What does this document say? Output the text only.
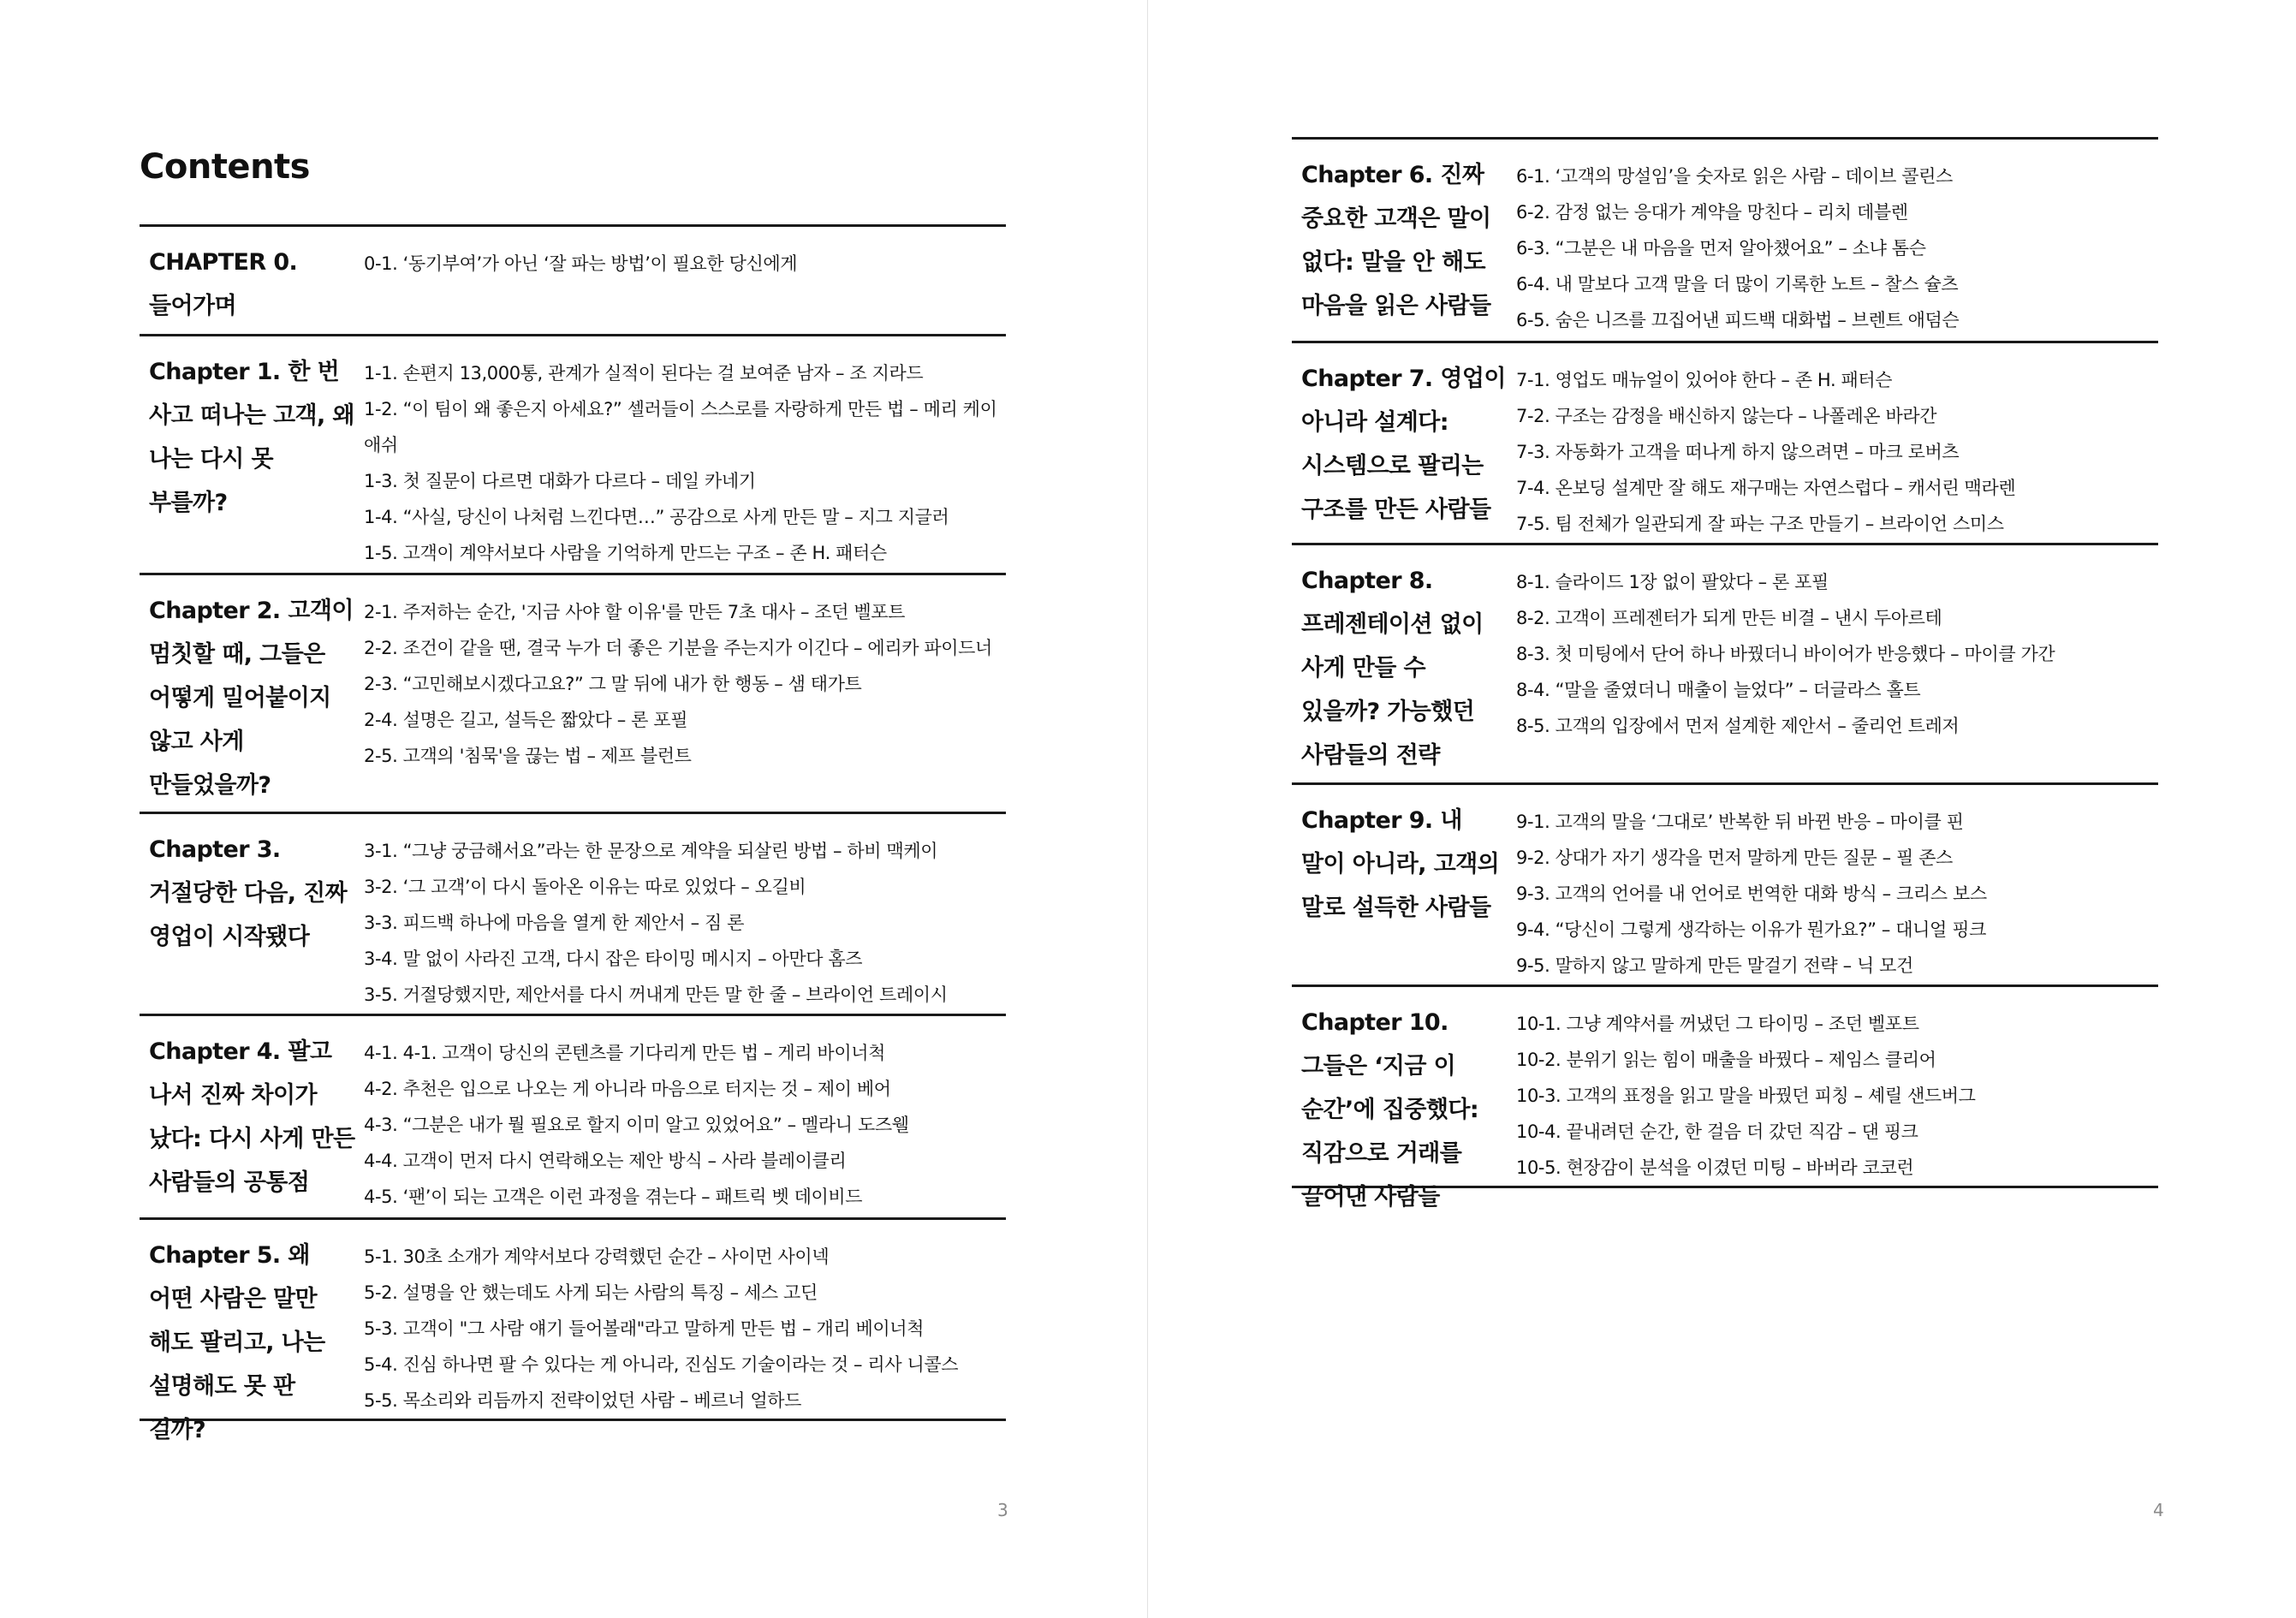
Contents
CHAPTER 0. 들어가며
0-1. ‘동기부여’가 아닌 ‘잘 파는 방법’이 필요한 당신에게
Chapter 1. 한 번 사고 떠나는 고객, 왜 나는 다시 못 부를까?
1-1. 손편지 13,000통, 관계가 실적이 된다는 걸 보여준 남자 – 조 지라드
1-2. “이 팀이 왜 좋은지 아세요?” 셀러들이 스스로를 자랑하게 만든 법 – 메리 케이 애쉬
1-3. 첫 질문이 다르면 대화가 다르다 – 데일 카네기
1-4. “사실, 당신이 나처럼 느낀다면…” 공감으로 사게 만든 말 – 지그 지글러
1-5. 고객이 계약서보다 사람을 기억하게 만드는 구조 – 존 H. 패터슨
Chapter 2. 고객이 멈칫할 때, 그들은 어떻게 밀어붙이지 않고 사게 만들었을까?
2-1. 주저하는 순간, '지금 사야 할 이유'를 만든 7초 대사 – 조던 벨포트
2-2. 조건이 같을 땐, 결국 누가 더 좋은 기분을 주는지가 이긴다 – 에리카 파이드너
2-3. “고민해보시겠다고요?” 그 말 뒤에 내가 한 행동 – 샘 태가트
2-4. 설명은 길고, 설득은 짧았다 – 론 포필
2-5. 고객의 '침묵'을 끊는 법 – 제프 블런트
Chapter 3. 거절당한 다음, 진짜 영업이 시작됐다
3-1. “그냥 궁금해서요”라는 한 문장으로 계약을 되살린 방법 – 하비 맥케이
3-2. ‘그 고객’이 다시 돌아온 이유는 따로 있었다 – 오길비
3-3. 피드백 하나에 마음을 열게 한 제안서 – 짐 론
3-4. 말 없이 사라진 고객, 다시 잡은 타이밍 메시지 – 아만다 홈즈
3-5. 거절당했지만, 제안서를 다시 꺼내게 만든 말 한 줄 – 브라이언 트레이시
Chapter 4. 팔고 나서 진짜 차이가 났다: 다시 사게 만든 사람들의 공통점
4-1. 4-1. 고객이 당신의 콘텐츠를 기다리게 만든 법 – 게리 바이너척
4-2. 추천은 입으로 나오는 게 아니라 마음으로 터지는 것 – 제이 베어
4-3. “그분은 내가 뭘 필요로 할지 이미 알고 있었어요” – 멜라니 도즈웰
4-4. 고객이 먼저 다시 연락해오는 제안 방식 – 사라 블레이클리
4-5. ‘팬’이 되는 고객은 이런 과정을 겪는다 – 패트릭 벳 데이비드
Chapter 5. 왜 어떤 사람은 말만 해도 팔리고, 나는 설명해도 못 판 걸까?
5-1. 30초 소개가 계약서보다 강력했던 순간 – 사이먼 사이넥
5-2. 설명을 안 했는데도 사게 되는 사람의 특징 – 세스 고딘
5-3. 고객이 "그 사람 얘기 들어볼래"라고 말하게 만든 법 – 개리 베이너척
5-4. 진심 하나면 팔 수 있다는 게 아니라, 진심도 기술이라는 것 – 리사 니콜스
5-5. 목소리와 리듬까지 전략이었던 사람 – 베르너 얼하드
3
Chapter 6. 진짜 중요한 고객은 말이 없다: 말을 안 해도 마음을 읽은 사람들
6-1. ‘고객의 망설임’을 숫자로 읽은 사람 – 데이브 콜린스
6-2. 감정 없는 응대가 계약을 망친다 – 리치 데블렌
6-3. “그분은 내 마음을 먼저 알아챘어요” – 소냐 톰슨
6-4. 내 말보다 고객 말을 더 많이 기록한 노트 – 찰스 슐츠
6-5. 숨은 니즈를 끄집어낸 피드백 대화법 – 브렌트 애덤슨
Chapter 7. 영업이 아니라 설계다: 시스템으로 팔리는 구조를 만든 사람들
7-1. 영업도 매뉴얼이 있어야 한다 – 존 H. 패터슨
7-2. 구조는 감정을 배신하지 않는다 – 나폴레온 바라간
7-3. 자동화가 고객을 떠나게 하지 않으려면 – 마크 로버츠
7-4. 온보딩 설계만 잘 해도 재구매는 자연스럽다 – 캐서린 맥라렌
7-5. 팀 전체가 일관되게 잘 파는 구조 만들기 – 브라이언 스미스
Chapter 8. 프레젠테이션 없이 사게 만들 수 있을까? 가능했던 사람들의 전략
8-1. 슬라이드 1장 없이 팔았다 – 론 포필
8-2. 고객이 프레젠터가 되게 만든 비결 – 낸시 두아르테
8-3. 첫 미팅에서 단어 하나 바꿨더니 바이어가 반응했다 – 마이클 가간
8-4. “말을 줄였더니 매출이 늘었다” – 더글라스 홀트
8-5. 고객의 입장에서 먼저 설계한 제안서 – 줄리언 트레저
Chapter 9. 내 말이 아니라, 고객의 말로 설득한 사람들
9-1. 고객의 말을 ‘그대로’ 반복한 뒤 바뀐 반응 – 마이클 핀
9-2. 상대가 자기 생각을 먼저 말하게 만든 질문 – 필 존스
9-3. 고객의 언어를 내 언어로 번역한 대화 방식 – 크리스 보스
9-4. “당신이 그렇게 생각하는 이유가 뭔가요?” – 대니얼 핑크
9-5. 말하지 않고 말하게 만든 말걸기 전략 – 닉 모건
Chapter 10. 그들은 ‘지금 이 순간’에 집중했다: 직감으로 거래를 끌어낸 사람들
10-1. 그냥 계약서를 꺼냈던 그 타이밍 – 조던 벨포트
10-2. 분위기 읽는 힘이 매출을 바꿨다 – 제임스 클리어
10-3. 고객의 표정을 읽고 말을 바꿨던 피칭 – 셰릴 샌드버그
10-4. 끝내려던 순간, 한 걸음 더 갔던 직감 – 댄 핑크
10-5. 현장감이 분석을 이겼던 미팅 – 바버라 코코런
4
